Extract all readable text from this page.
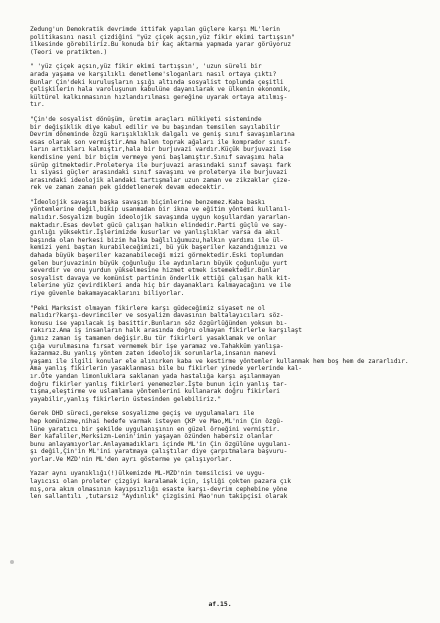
Zedung'un Demokratik devrimde ittifak yapılan güçlere karşı ML'lerin
politikasını nasıl çizdiğini "yüz çiçek açsın,yüz fikir ekimi tartışsın"
ilkesinde görebiliriz.Bu konuda bir kaç aktarma yapmada yarar görüyoruz
(Teori ve pratikten.)

" 'yüz çiçek açsın,yüz fikir ekimi tartışsın', 'uzun süreli bir
arada yaşama ve karşılıklı denetleme'sloganları nasıl ortaya çıktı?
Bunlar Çin'deki kuruluşların ışığı altında sosyalist toplumda çeşitli
çelişkilerin hala varoluşunun kabulüne dayanılarak ve ülkenin ekonomik,
kültürel kalkınmasının hızlandırılması gereğine uyarak ortaya atılmış-
tır.

"Çin'de sosyalist dönüşüm, üretim araçları mülkiyeti sisteminde
bir değişiklik diye kabul edilir ve bu başından temsilen sayılabilir
Devrim döneminde özgü karışıklıklık dalgalı ve geniş sınıf savaşımlarına
esas olarak son vermiştir.Ama halen toprak ağaları ile komprador sınıf-
ların artıkları kalmıştır,hala bir burjuvazi vardır.Küçük burjuvazi ise
kendisine yeni bir biçim vermeye yeni başlamıştır.Sınıf savaşımı hala
sürüp gitmektedir.Proleterya ile burjuvazi arasındaki sınıf savaşı fark
lı siyasi güçler arasındaki sınıf savaşımı ve proleterya ile burjuvazi
arasındaki ideolojik alandaki tartışmalar uzun zaman ve zikzaklar çize-
rek ve zaman zaman pek giddetlenerek devam edecektir.

"İdeolojik savaşım başka savaşım biçimlerine benzemez.Kaba baskı
yöntemlerine değil,bikip usanmadan bir ikna ve eğitim yöntemi kullanıl-
malıdır.Sosyalizm bugün ideolojik savaşımda uygun koşullardan yararlan-
maktadır.Esas devlet gücü çalışan halkın elindedir.Parti güçlü ve say-
gınlığı yüksektir.İşlerimizde kusurlar ve yanlışlıklar varsa da akıl
başında olan herkesi bizim halka bağlılığumuzu,halkın yardımı ile ül-
kemizi yeni baştan kurabileceğimizi, bü yük başeriler kazandığımızı ve
dahada büyük başeriler kazanabileceği mizi görmektedir.Eski toplumdan
gelen burjuvazinin büyük çoğunluğu ile aydınların büyük çoğunluğu yurt
severdir ve onu yurdun yükselmesine hizmet etmek istemektedir.Bunlar
sosyalist davaya ve komünist partinin önderlik ettiği çalışan halk kit-
lelerine yüz çevirdikleri anda hiç bir dayanakları kalmayacağını ve ile
riye güvenle bakamayacaklarını biliyorlar.

"Peki Marksist olmayan fikirlere karşı güdeceğimiz siyaset ne ol
malıdır?karşı-devrimciler ve sosyalizm davasının baltalayıcıları söz-
konusu ise yapılacak iş basittir.Bunların söz özgürlüğünden yoksun bı-
rakırız.Ama iş insanların halk arasında doğru olmayan fikirlerle karşılaşt
ğımız zaman iş tamamen değişir.Bu tür fikirleri yasaklamak ve onlar
çığa vurulmasına fırsat vermemek bir işe yaramaz ve.Tahakküm yanlışa-
kazanmaz.Bu yanlış yöntem zaten ideolojik sorunlarla,insanın manevi
yaşamı ile ilgili konular ele alınırken kaba ve kestirme yöntemler kullanmak hem boş hem de zararlıdır.
Ama yanlış fikirlerin yasaklanması bile bu fikirler yinede yerlerinde kal-
ır.Öte yandan limonluklara saklanan yada hastalığa karşı aşılanmayan
doğru fikirler yanlış fikirleri yenemezler.İşte bunun için yanlış tar-
tışma,eleştirme ve uslamlama yöntemlerini kullanarak doğru fikirleri
yayabilir,yanlış fikirlerin üstesinden gelebiliriz."

Gerek DHD süreci,gerekse sosyalizme geçiş ve uygulamaları ile
hep komünizme,nihai hedefe varmak isteyen ÇKP ve Mao,ML'nin Çin özgü-
lüne yaratıcı bir şekilde uygulanışının en güzel örneğini vermiştir.
Ber kafaliler,Merksizm-Lenin'imin yaşayan özünden habersiz olanlar
bunu anlayamıyorlar.Anlayamadıkları içinde ML'in Çin özgülüne uygulanı-
şı değil,Çin'in ML'ini yaratmaya çalıştılar diye çarpıtmalara başvuru-
yorlar.Ve MZD'nin ML'den ayrı gösterme ye çalışıyorlar.

Yazar aynı uyanıklığı(!)ülkemizde ML-MZD'nin temsilcisi ve uygu-
layıcısı olan proleter çizgiyi karalamak için, işliği çokten pazara çık
mış,ora akım olmasının kayıpsızlığı esaste karşı-devrim cephebine yöne
len sallantılı ,tutarsız "Aydınlık" çizgisini Mao'nun takipçisi olarak

af.15.
